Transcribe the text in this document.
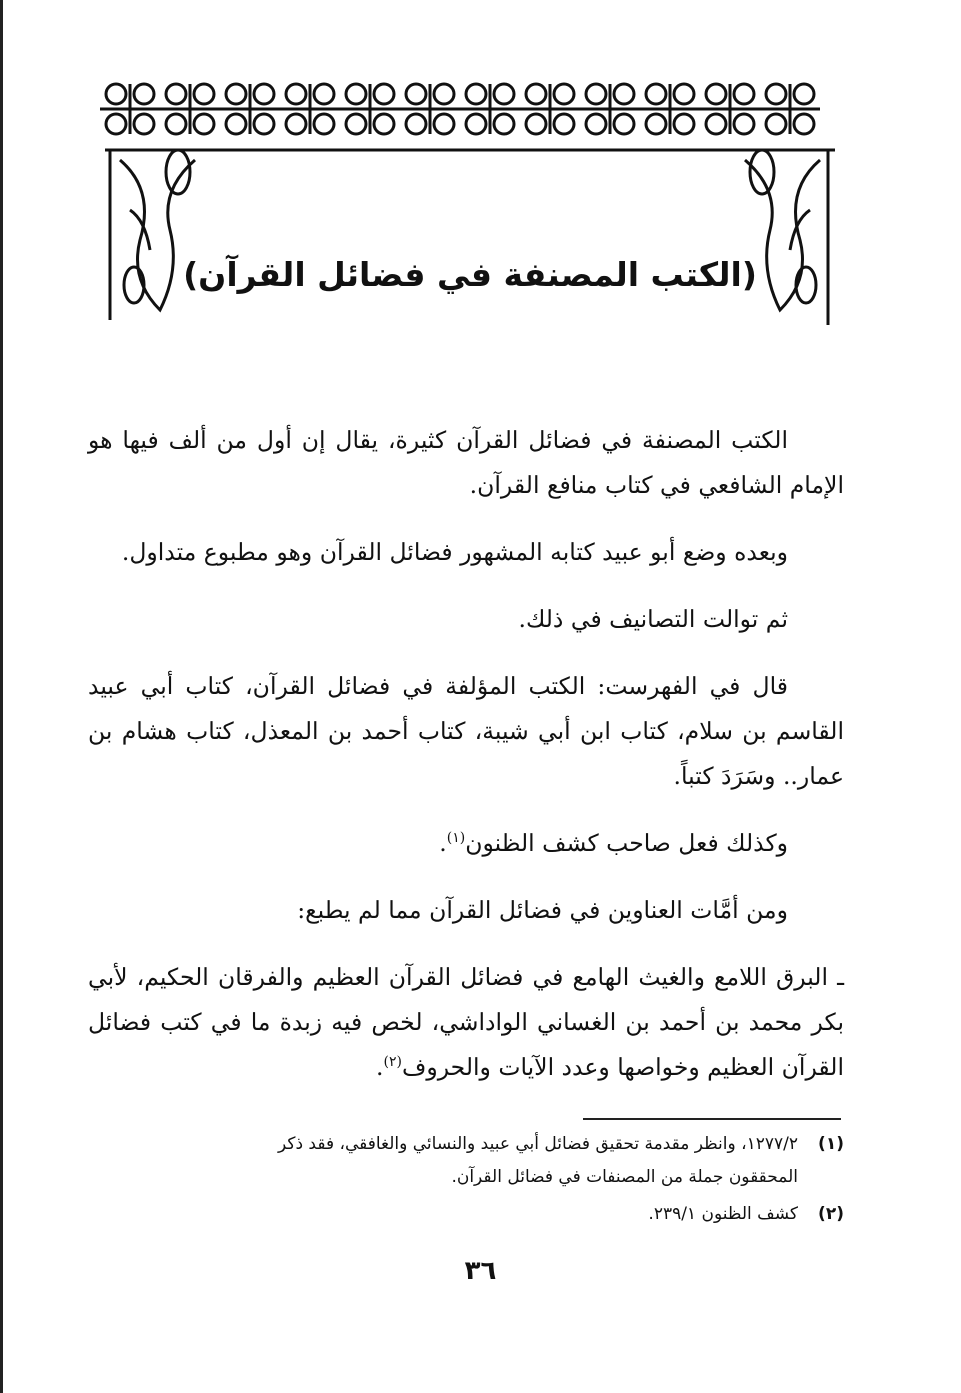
(الكتب المصنفة في فضائل القرآن)

الكتب المصنفة في فضائل القرآن كثيرة، يقال إن أول من ألف فيها هو الإمام الشافعي في كتاب منافع القرآن.

وبعده وضع أبو عبيد كتابه المشهور فضائل القرآن وهو مطبوع متداول.

ثم توالت التصانيف في ذلك.

قال في الفهرست: الكتب المؤلفة في فضائل القرآن، كتاب أبي عبيد القاسم بن سلام، كتاب ابن أبي شيبة، كتاب أحمد بن المعذل، كتاب هشام بن عمار.. وسَرَدَ كتباً.

وكذلك فعل صاحب كشف الظنون$^{(١)}$.

ومن أمَّات العناوين في فضائل القرآن مما لم يطبع:

ـ البرق اللامع والغيث الهامع في فضائل القرآن العظيم والفرقان الحكيم، لأبي بكر محمد بن أحمد بن الغساني الواداشي، لخص فيه زبدة ما في كتب فضائل القرآن العظيم وخواصها وعدد الآيات والحروف$^{(٢)}$.

(١)١٢٧٧/٢، وانظر مقدمة تحقيق فضائل أبي عبيد والنسائي والغافقي، فقد ذكر
المحققون جملة من المصنفات في فضائل القرآن.
(٢)كشف الظنون ٢٣٩/١.
٣٦
